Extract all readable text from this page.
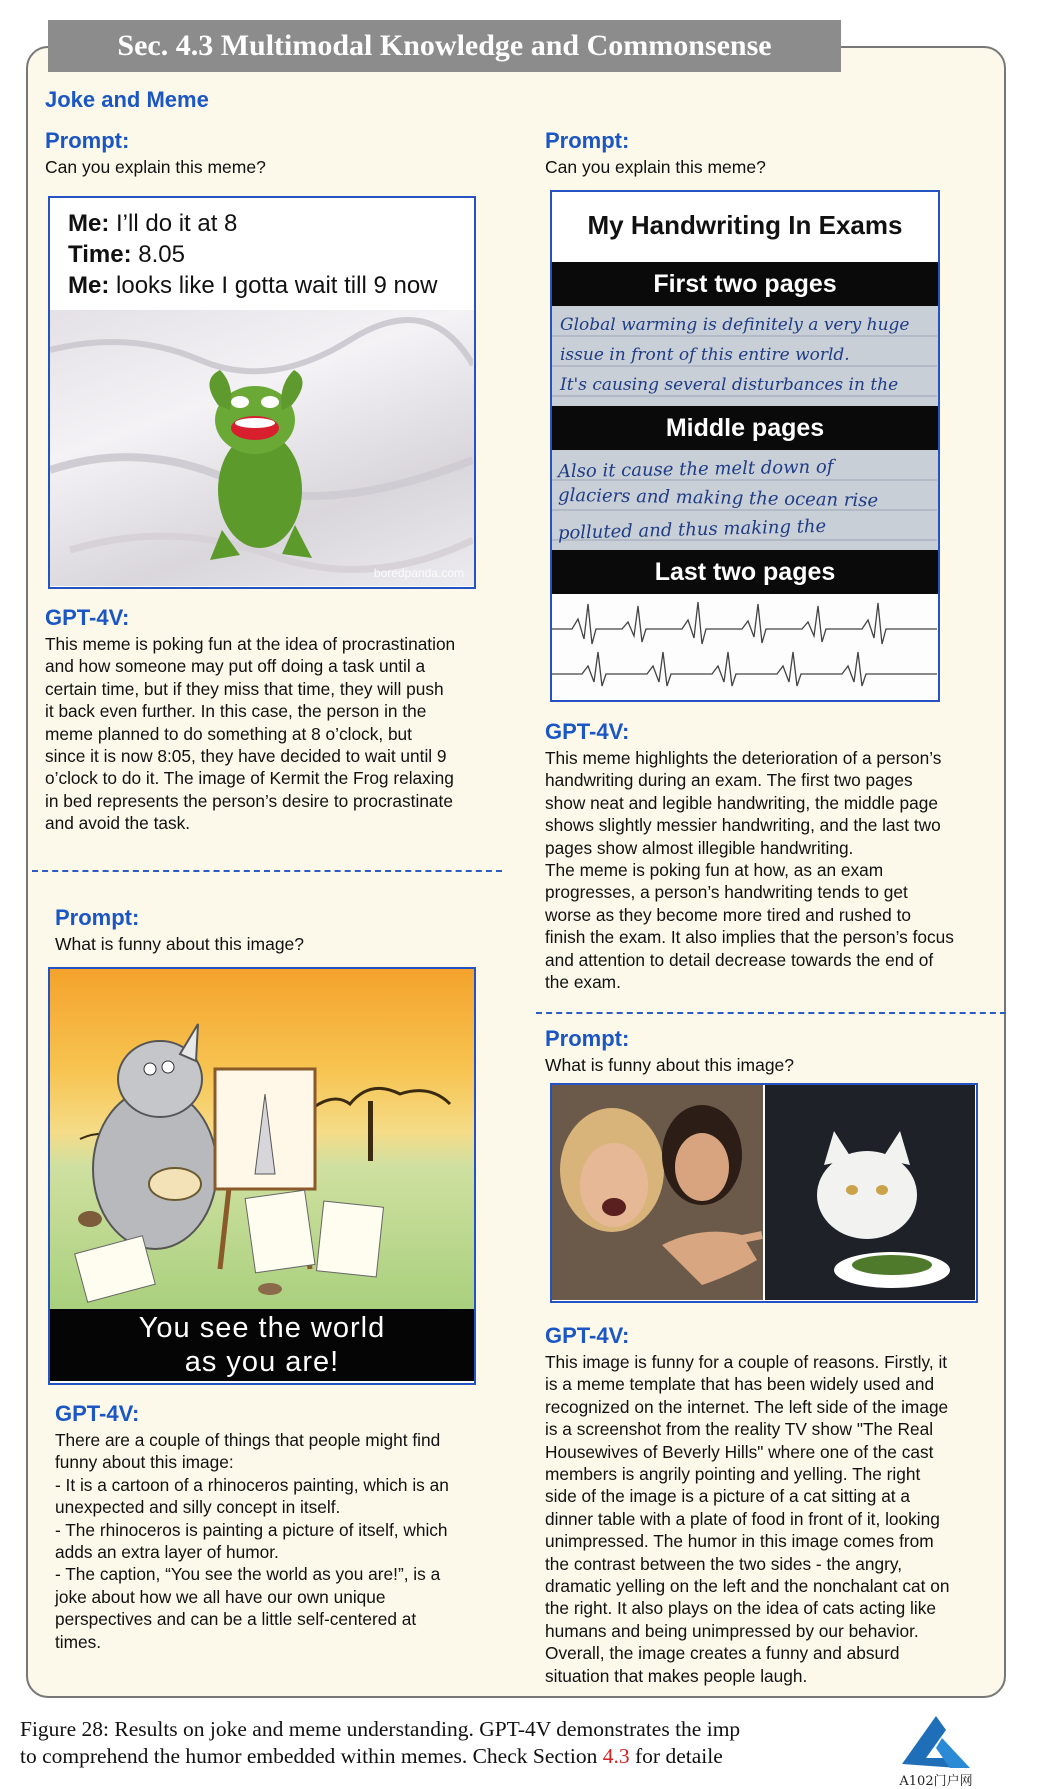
Sec. 4.3 Multimodal Knowledge and Commonsense
Joke and Meme
Prompt:
Can you explain this meme?
Me: I’ll do it at 8
Time: 8.05
Me: looks like I gotta wait till 9 now
boredpanda.com
GPT-4V:
This meme is poking fun at the idea of procrastination
and how someone may put off doing a task until a
certain time, but if they miss that time, they will push
it back even further. In this case, the person in the
meme planned to do something at 8 o’clock, but
since it is now 8:05, they have decided to wait until 9
o’clock to do it. The image of Kermit the Frog relaxing
in bed represents the person’s desire to procrastinate
and avoid the task.
Prompt:
What is funny about this image?
You see the world
as you are!
GPT-4V:
There are a couple of things that people might find
funny about this image:
- It is a cartoon of a rhinoceros painting, which is an
unexpected and silly concept in itself.
- The rhinoceros is painting a picture of itself, which
adds an extra layer of humor.
- The caption, “You see the world as you are!”, is a
joke about how we all have our own unique
perspectives and can be a little self-centered at
times.
Prompt:
Can you explain this meme?
My Handwriting In Exams
First two pages
Global warming is definitely a very huge
issue in front of this entire world.
It's causing several disturbances in the
Middle pages
Also it cause the melt down of
glaciers and making the ocean rise
polluted and thus making the
Last two pages
GPT-4V:
This meme highlights the deterioration of a person’s
handwriting during an exam. The first two pages
show neat and legible handwriting, the middle page
shows slightly messier handwriting, and the last two
pages show almost illegible handwriting.
The meme is poking fun at how, as an exam
progresses, a person’s handwriting tends to get
worse as they become more tired and rushed to
finish the exam. It also implies that the person’s focus
and attention to detail decrease towards the end of
the exam.
Prompt:
What is funny about this image?
GPT-4V:
This image is funny for a couple of reasons. Firstly, it
is a meme template that has been widely used and
recognized on the internet. The left side of the image
is a screenshot from the reality TV show "The Real
Housewives of Beverly Hills" where one of the cast
members is angrily pointing and yelling. The right
side of the image is a picture of a cat sitting at a
dinner table with a plate of food in front of it, looking
unimpressed. The humor in this image comes from
the contrast between the two sides - the angry,
dramatic yelling on the left and the nonchalant cat on
the right. It also plays on the idea of cats acting like
humans and being unimpressed by our behavior.
Overall, the image creates a funny and absurd
situation that makes people laugh.
Figure 28: Results on joke and meme understanding. GPT-4V demonstrates the imp
to comprehend the humor embedded within memes. Check Section 4.3 for detaile
A102门户网
